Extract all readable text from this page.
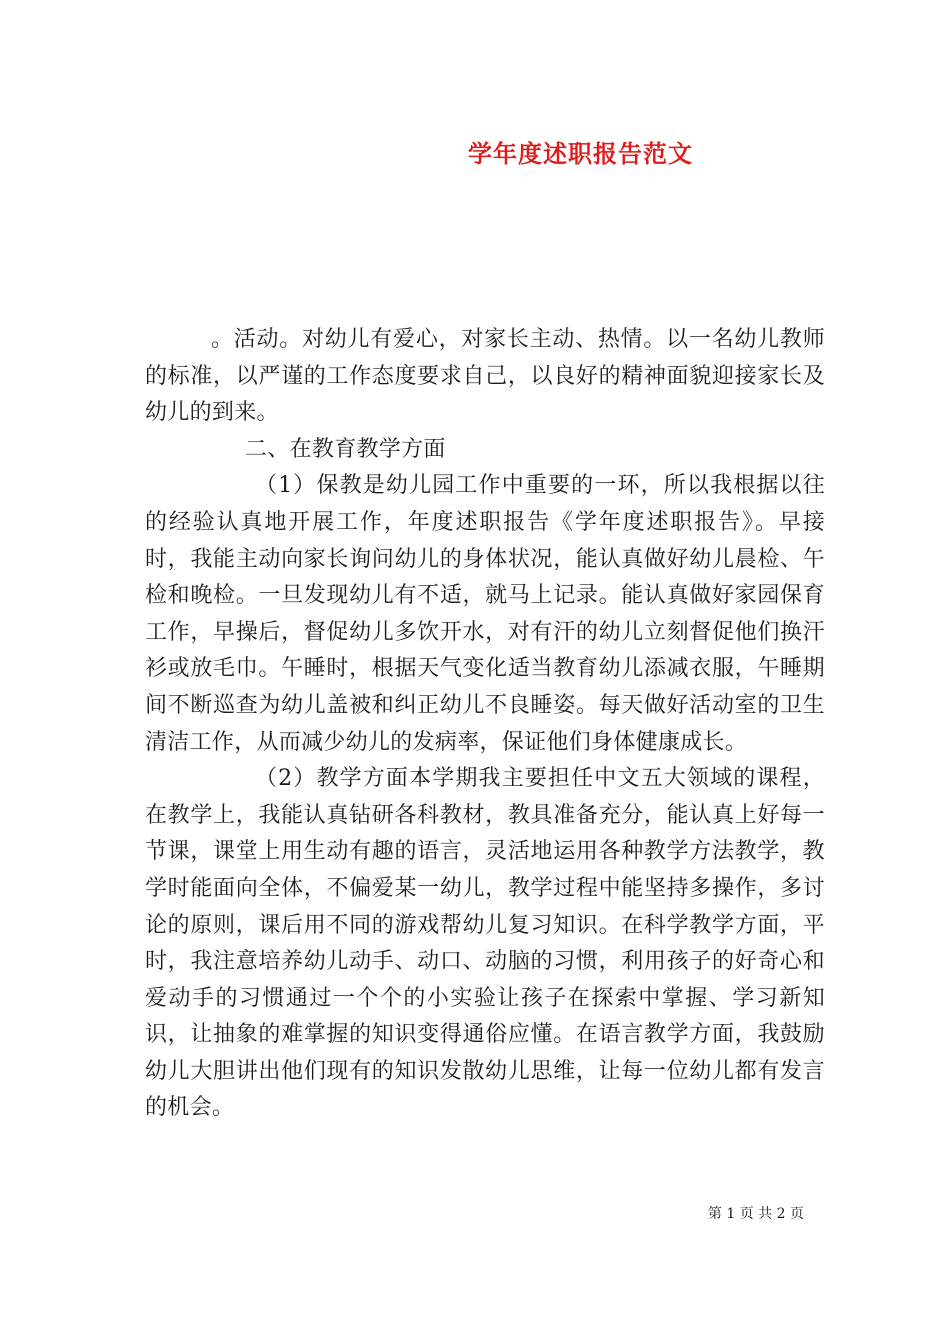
学年度述职报告范文

。活动。对幼儿有爱心，对家长主动、热情。以一名幼儿教师的标准，以严谨的工作态度要求自己，以良好的精神面貌迎接家长及幼儿的到来。

二、在教育教学方面

（1）保教是幼儿园工作中重要的一环，所以我根据以往的经验认真地开展工作，年度述职报告《学年度述职报告》。早接时，我能主动向家长询问幼儿的身体状况，能认真做好幼儿晨检、午检和晚检。一旦发现幼儿有不适，就马上记录。能认真做好家园保育工作，早操后，督促幼儿多饮开水，对有汗的幼儿立刻督促他们换汗衫或放毛巾。午睡时，根据天气变化适当教育幼儿添减衣服，午睡期间不断巡查为幼儿盖被和纠正幼儿不良睡姿。每天做好活动室的卫生清洁工作，从而减少幼儿的发病率，保证他们身体健康成长。

（2）教学方面本学期我主要担任中文五大领域的课程，在教学上，我能认真钻研各科教材，教具准备充分，能认真上好每一节课，课堂上用生动有趣的语言，灵活地运用各种教学方法教学，教学时能面向全体，不偏爱某一幼儿，教学过程中能坚持多操作，多讨论的原则，课后用不同的游戏帮幼儿复习知识。在科学教学方面，平时，我注意培养幼儿动手、动口、动脑的习惯，利用孩子的好奇心和爱动手的习惯通过一个个的小实验让孩子在探索中掌握、学习新知识，让抽象的难掌握的知识变得通俗应懂。在语言教学方面，我鼓励幼儿大胆讲出他们现有的知识发散幼儿思维，让每一位幼儿都有发言的机会。

第 1 页 共 2 页
